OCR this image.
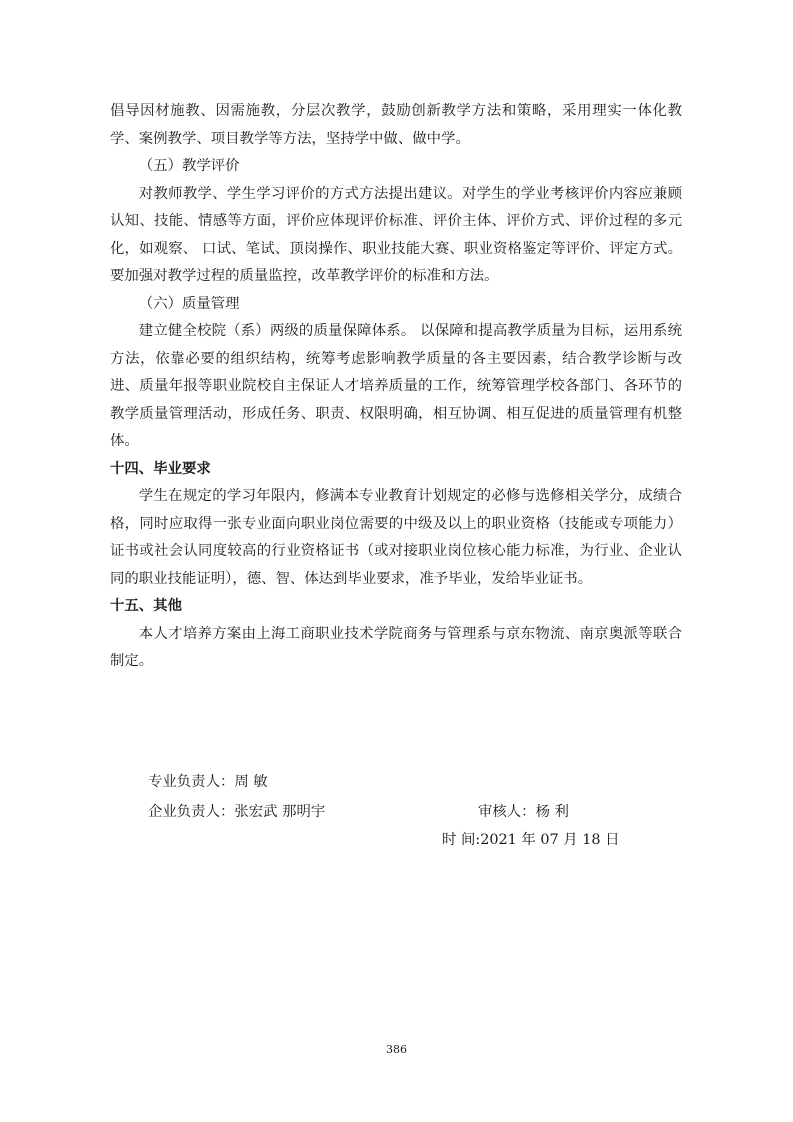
倡导因材施教、因需施教，分层次教学，鼓励创新教学方法和策略，采用理实一体化教学、案例教学、项目教学等方法，坚持学中做、做中学。

（五）教学评价

对教师教学、学生学习评价的方式方法提出建议。对学生的学业考核评价内容应兼顾认知、技能、情感等方面，评价应体现评价标准、评价主体、评价方式、评价过程的多元化，如观察、 口试、笔试、顶岗操作、职业技能大赛、职业资格鉴定等评价、评定方式。要加强对教学过程的质量监控，改革教学评价的标准和方法。

（六）质量管理

建立健全校院（系）两级的质量保障体系。 以保障和提高教学质量为目标，运用系统方法，依靠必要的组织结构，统筹考虑影响教学质量的各主要因素，结合教学诊断与改进、质量年报等职业院校自主保证人才培养质量的工作，统筹管理学校各部门、各环节的教学质量管理活动，形成任务、职责、权限明确，相互协调、相互促进的质量管理有机整体。

十四、毕业要求

学生在规定的学习年限内，修满本专业教育计划规定的必修与选修相关学分，成绩合格，同时应取得一张专业面向职业岗位需要的中级及以上的职业资格（技能或专项能力）证书或社会认同度较高的行业资格证书（或对接职业岗位核心能力标准，为行业、企业认同的职业技能证明），德、智、体达到毕业要求，准予毕业，发给毕业证书。

十五、其他

本人才培养方案由上海工商职业技术学院商务与管理系与京东物流、南京奥派等联合制定。

专业负责人：周 敏
企业负责人：张宏武 那明宇	审核人：杨 利
时 间:2021 年 07 月 18 日
386
